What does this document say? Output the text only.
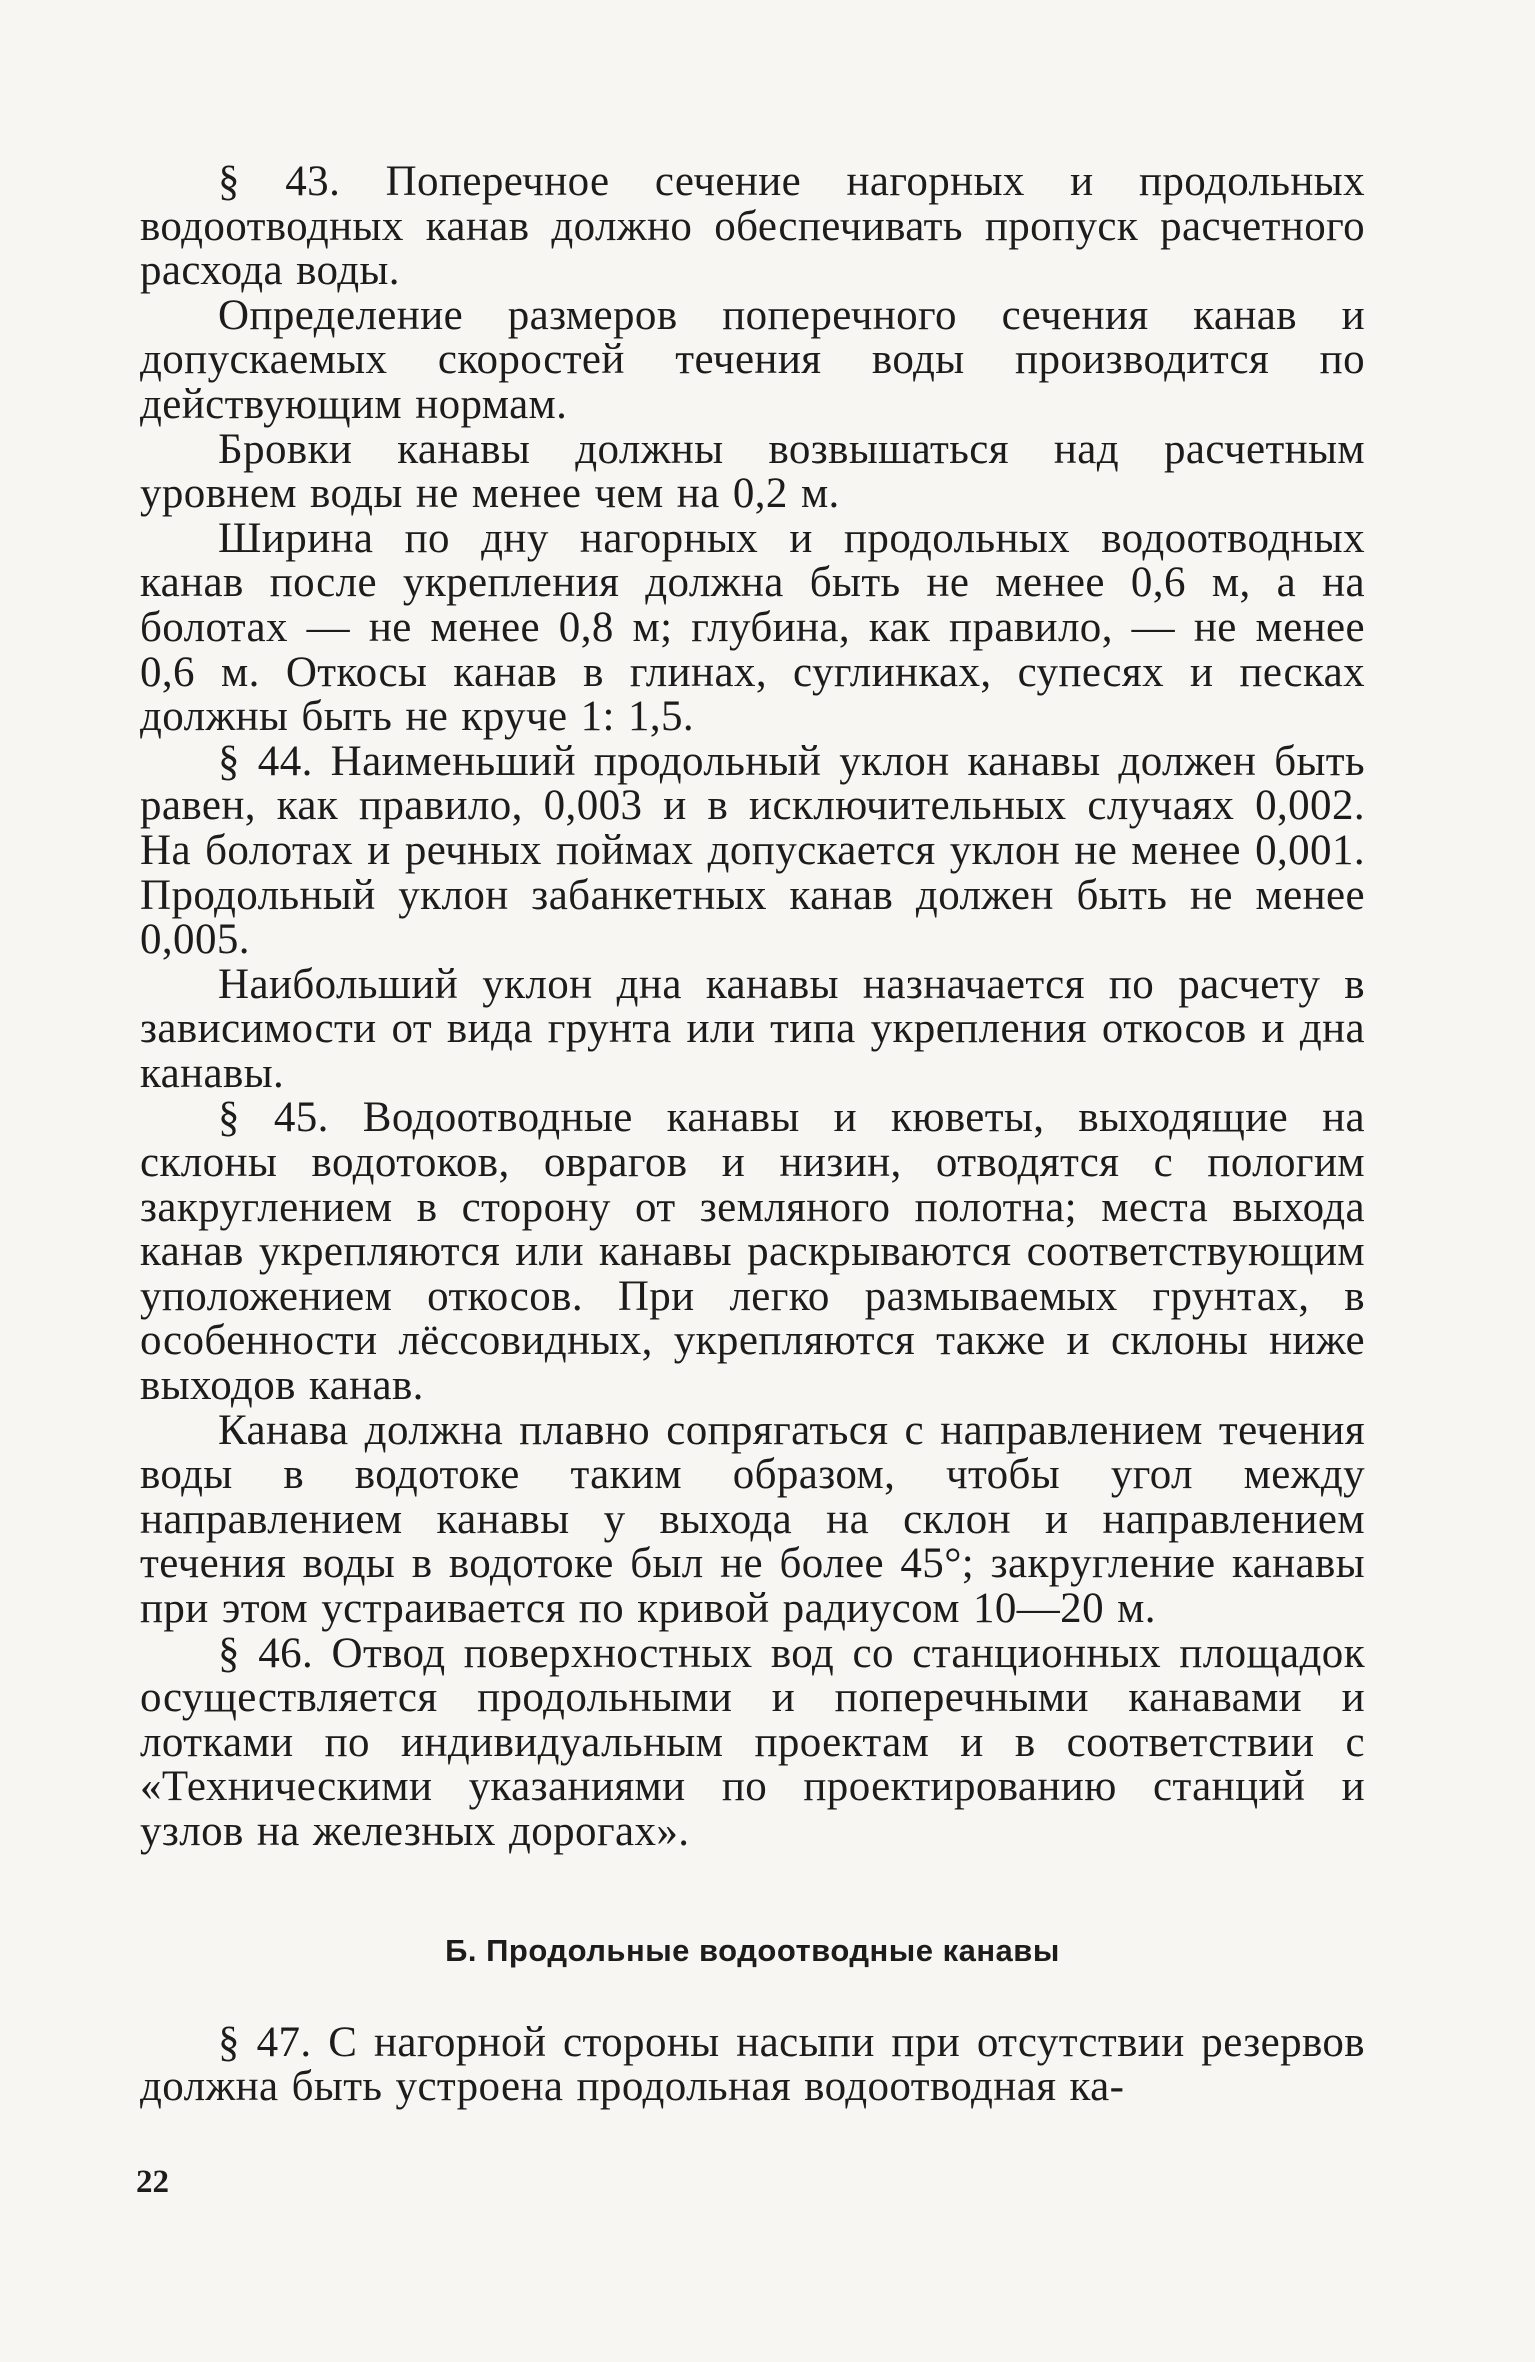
§ 43. Поперечное сечение нагорных и продольных водоотводных канав должно обеспечивать пропуск расчетного расхода воды.

Определение размеров поперечного сечения канав и допускаемых скоростей течения воды производится по действующим нормам.

Бровки канавы должны возвышаться над расчетным уровнем воды не менее чем на 0,2 м.

Ширина по дну нагорных и продольных водоотводных канав после укрепления должна быть не менее 0,6 м, а на болотах — не менее 0,8 м; глубина, как правило, — не менее 0,6 м. Откосы канав в глинах, суглинках, супесях и песках должны быть не круче 1: 1,5.

§ 44. Наименьший продольный уклон канавы должен быть равен, как правило, 0,003 и в исключительных случаях 0,002. На болотах и речных поймах допускается уклон не менее 0,001. Продольный уклон забанкетных канав должен быть не менее 0,005.

Наибольший уклон дна канавы назначается по расчету в зависимости от вида грунта или типа укрепления откосов и дна канавы.

§ 45. Водоотводные канавы и кюветы, выходящие на склоны водотоков, оврагов и низин, отводятся с пологим закруглением в сторону от земляного полотна; места выхода канав укрепляются или канавы раскрываются соответствующим уположением откосов. При легко размываемых грунтах, в особенности лёссовидных, укрепляются также и склоны ниже выходов канав.

Канава должна плавно сопрягаться с направлением течения воды в водотоке таким образом, чтобы угол между направлением канавы у выхода на склон и направлением течения воды в водотоке был не более 45°; закругление канавы при этом устраивается по кривой радиусом 10—20 м.

§ 46. Отвод поверхностных вод со станционных площадок осуществляется продольными и поперечными канавами и лотками по индивидуальным проектам и в соответствии с «Техническими указаниями по проектированию станций и узлов на железных дорогах».

Б. Продольные водоотводные канавы

§ 47. С нагорной стороны насыпи при отсутствии резервов должна быть устроена продольная водоотводная ка-

22
